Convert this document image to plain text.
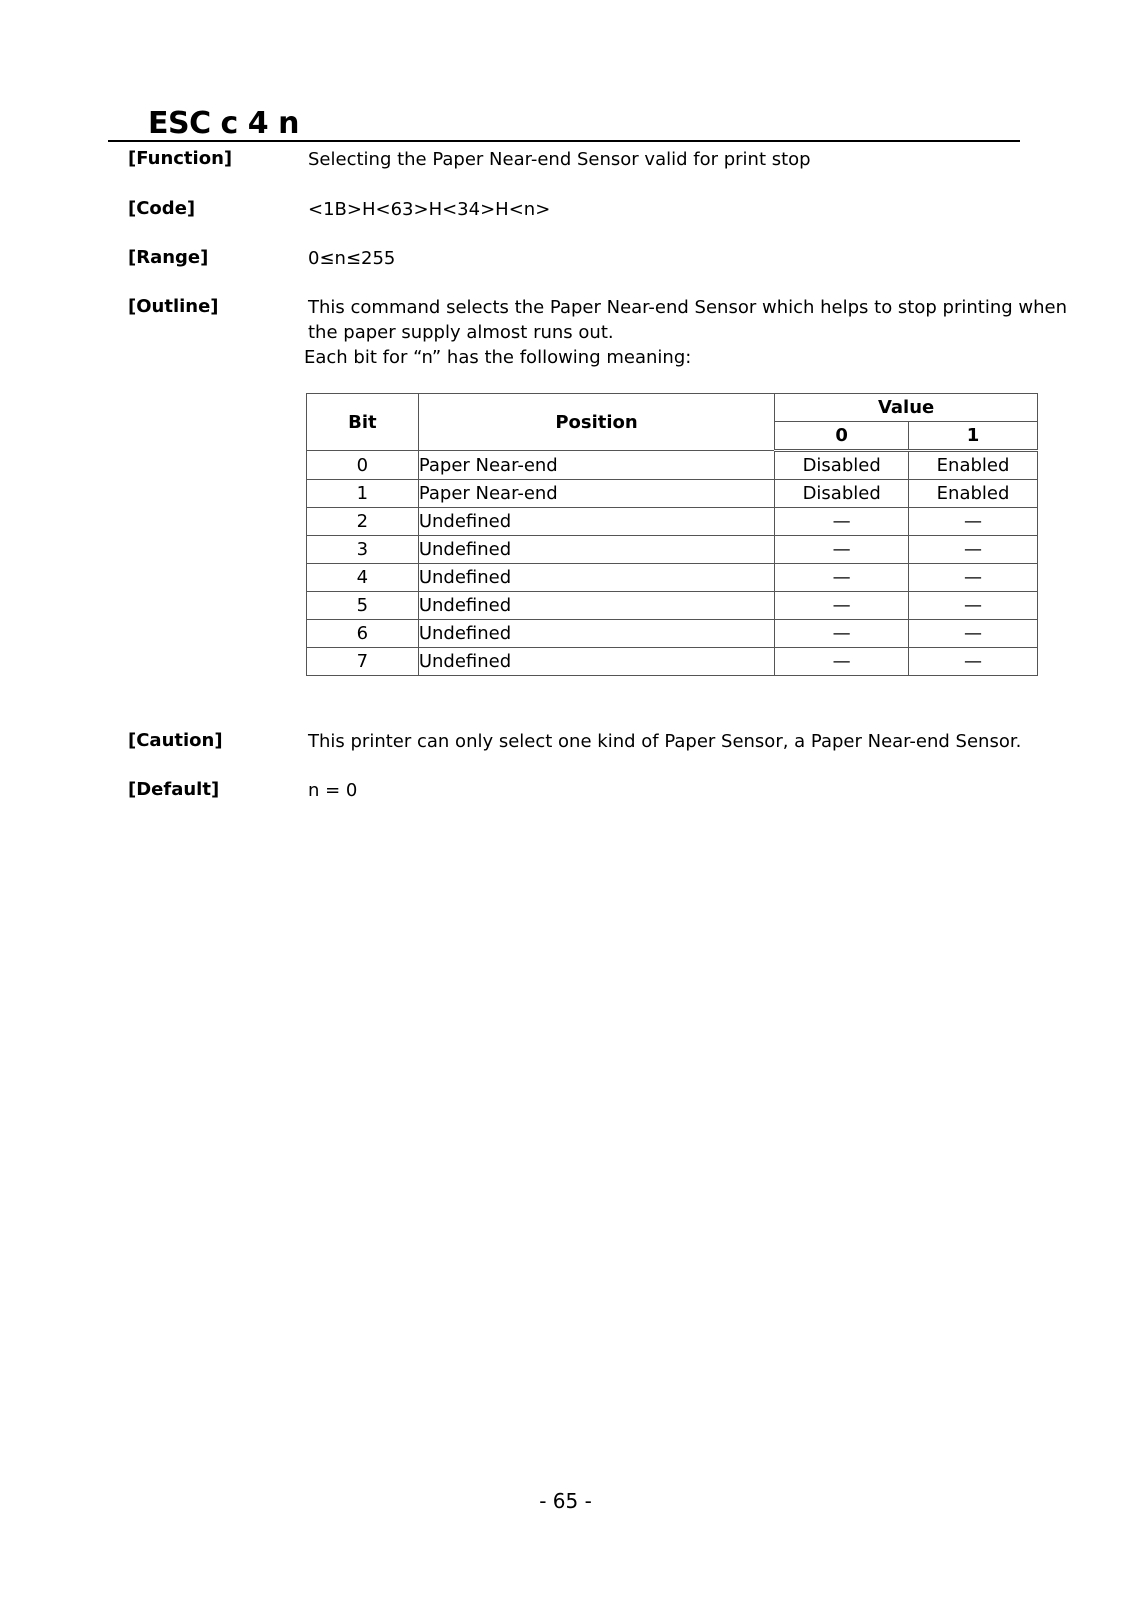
ESC c 4 n
[Function]	Selecting the Paper Near-end Sensor valid for print stop
[Code]	<1B>H<63>H<34>H<n>
[Range]	0≤n≤255
[Outline]	This command selects the Paper Near-end Sensor which helps to stop printing when
the paper supply almost runs out.
Each bit for “n” has the following meaning:
Bit	Position	Value	
		0	1
0	Paper Near-end	Disabled	Enabled
1	Paper Near-end	Disabled	Enabled
2	Undefined	—	—
3	Undefined	—	—
4	Undefined	—	—
5	Undefined	—	—
6	Undefined	—	—
7	Undefined	—	—
[Caution]	This printer can only select one kind of Paper Sensor, a Paper Near-end Sensor.
[Default]	n = 0
- 65 -
